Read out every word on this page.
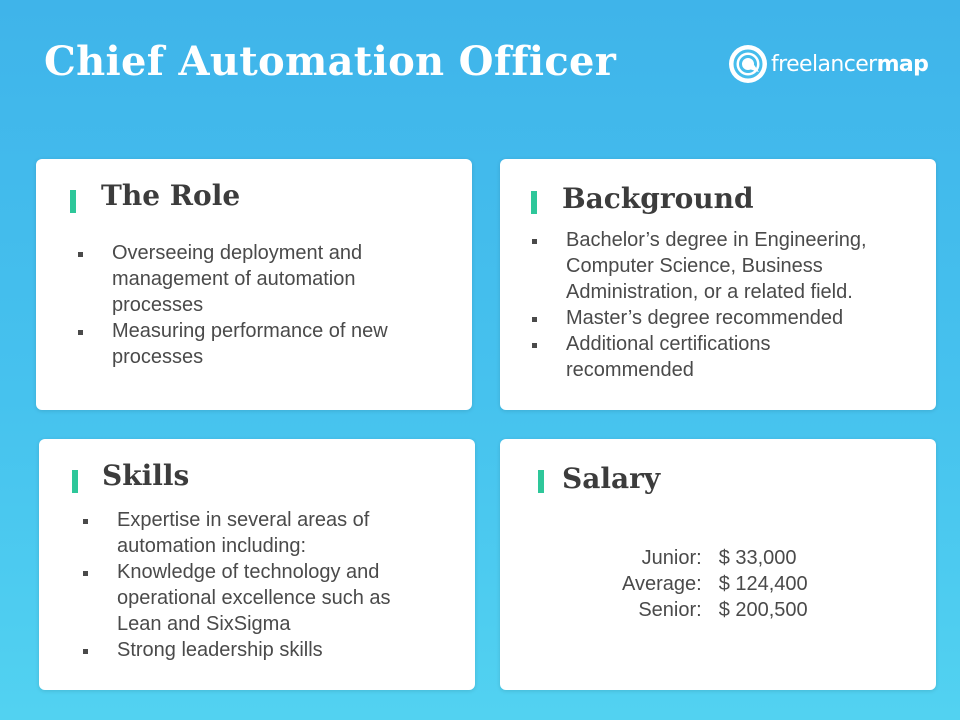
Chief Automation Officer	freelancermap
The Role
Overseeing deployment and management of automation processes
Measuring performance of new processes
Background
Bachelor’s degree in Engineering, Computer Science, Business Administration, or a related field.
Master’s degree recommended
Additional certifications recommended
Skills
Expertise in several areas of automation including:
Knowledge of technology and operational excellence such as Lean and SixSigma
Strong leadership skills
Salary
Junior:	$ 33,000
Average:	$ 124,400
Senior:	$ 200,500
